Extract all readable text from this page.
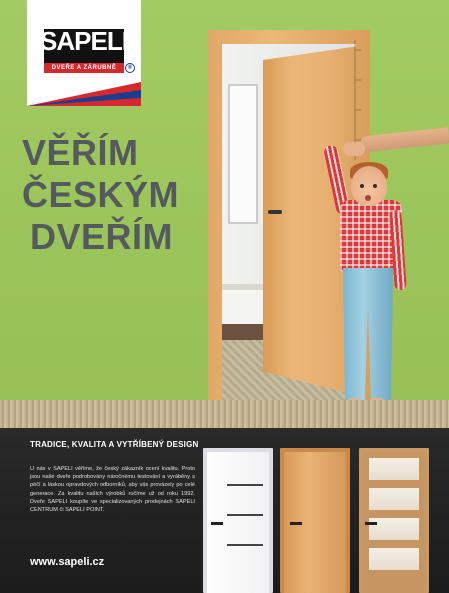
SAPELI
DVEŘE A ZÁRUBNĚ	®
VĚŘÍM
ČESKÝM
DVEŘÍM
TRADICE, KVALITA A VYTŘÍBENÝ DESIGN
U nás v SAPELI věříme, že český zákazník ocení kvalitu. Proto jsou naše dveře podrobovány náročnému testování a vyráběny s péčí a láskou opravdových odborníků, aby vás provázely po celé generace. Za kvalitu našich výrobků ručíme už od roku 1992. Dveře SAPELI koupíte ve specializovaných prodejnách SAPELI CENTRUM či SAPELI POINT.
www.sapeli.cz
